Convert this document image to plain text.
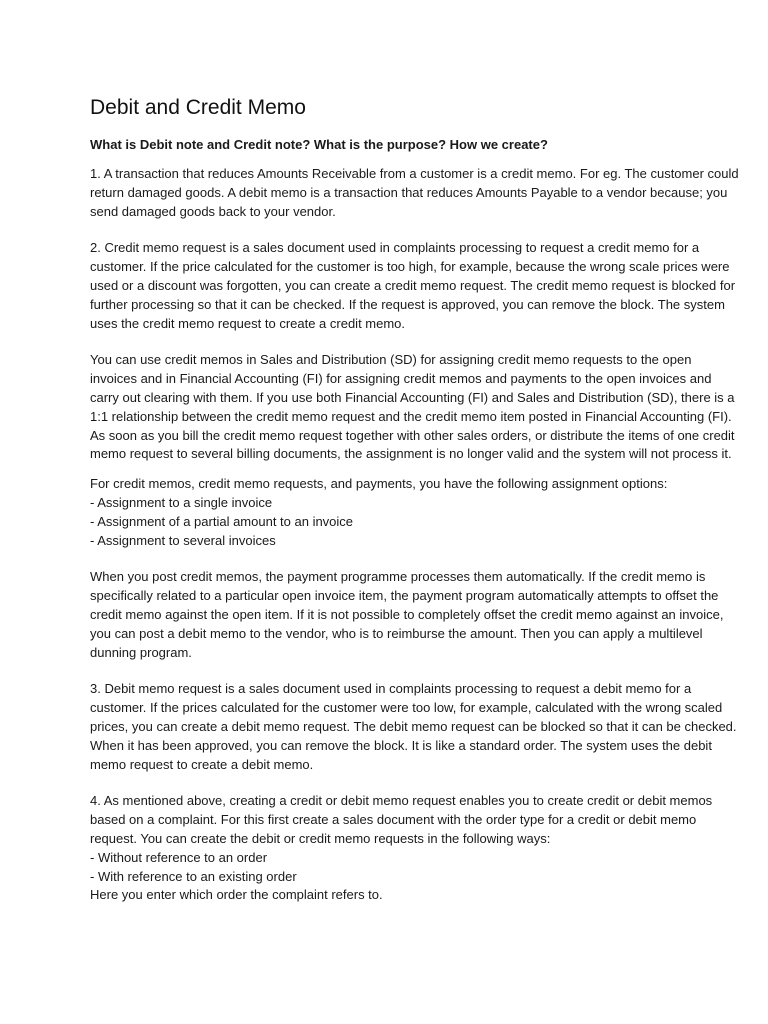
Debit and Credit Memo
What is Debit note and Credit note? What is the purpose? How we create?

1. A transaction that reduces Amounts Receivable from a customer is a credit memo. For eg. The customer could return damaged goods. A debit memo is a transaction that reduces Amounts Payable to a vendor because; you send damaged goods back to your vendor.

2. Credit memo request is a sales document used in complaints processing to request a credit memo for a customer. If the price calculated for the customer is too high, for example, because the wrong scale prices were used or a discount was forgotten, you can create a credit memo request. The credit memo request is blocked for further processing so that it can be checked. If the request is approved, you can remove the block. The system uses the credit memo request to create a credit memo.

You can use credit memos in Sales and Distribution (SD) for assigning credit memo requests to the open invoices and in Financial Accounting (FI) for assigning credit memos and payments to the open invoices and carry out clearing with them. If you use both Financial Accounting (FI) and Sales and Distribution (SD), there is a 1:1 relationship between the credit memo request and the credit memo item posted in Financial Accounting (FI). As soon as you bill the credit memo request together with other sales orders, or distribute the items of one credit memo request to several billing documents, the assignment is no longer valid and the system will not process it.

For credit memos, credit memo requests, and payments, you have the following assignment options:

- Assignment to a single invoice

- Assignment of a partial amount to an invoice

- Assignment to several invoices

When you post credit memos, the payment programme processes them automatically. If the credit memo is specifically related to a particular open invoice item, the payment program automatically attempts to offset the credit memo against the open item. If it is not possible to completely offset the credit memo against an invoice, you can post a debit memo to the vendor, who is to reimburse the amount. Then you can apply a multilevel dunning program.

3. Debit memo request is a sales document used in complaints processing to request a debit memo for a customer. If the prices calculated for the customer were too low, for example, calculated with the wrong scaled prices, you can create a debit memo request. The debit memo request can be blocked so that it can be checked. When it has been approved, you can remove the block. It is like a standard order. The system uses the debit memo request to create a debit memo.

4. As mentioned above, creating a credit or debit memo request enables you to create credit or debit memos based on a complaint. For this first create a sales document with the order type for a credit or debit memo request. You can create the debit or credit memo requests in the following ways:

- Without reference to an order

- With reference to an existing order

Here you enter which order the complaint refers to.
